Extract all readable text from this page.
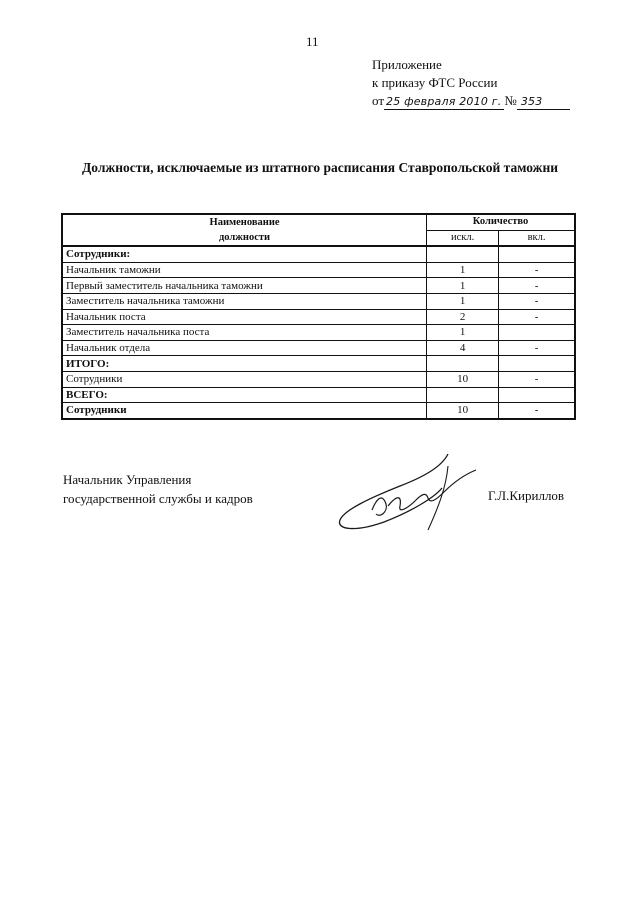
11
Приложение
к приказу ФТС России
от 25 февраля 2010 г. № 353
Должности, исключаемые из штатного расписания Ставропольской таможни
Наименование	Количество	
должности	искл.	вкл.
Сотрудники:		
Начальник таможни	1	-
Первый заместитель начальника таможни	1	-
Заместитель начальника таможни	1	-
Начальник поста	2	-
Заместитель начальника поста	1	
Начальник отдела	4	-
ИТОГО:		
Сотрудники	10	-
ВСЕГО:		
Сотрудники	10	-
Начальник Управления
государственной службы и кадров	Г.Л.Кириллов
